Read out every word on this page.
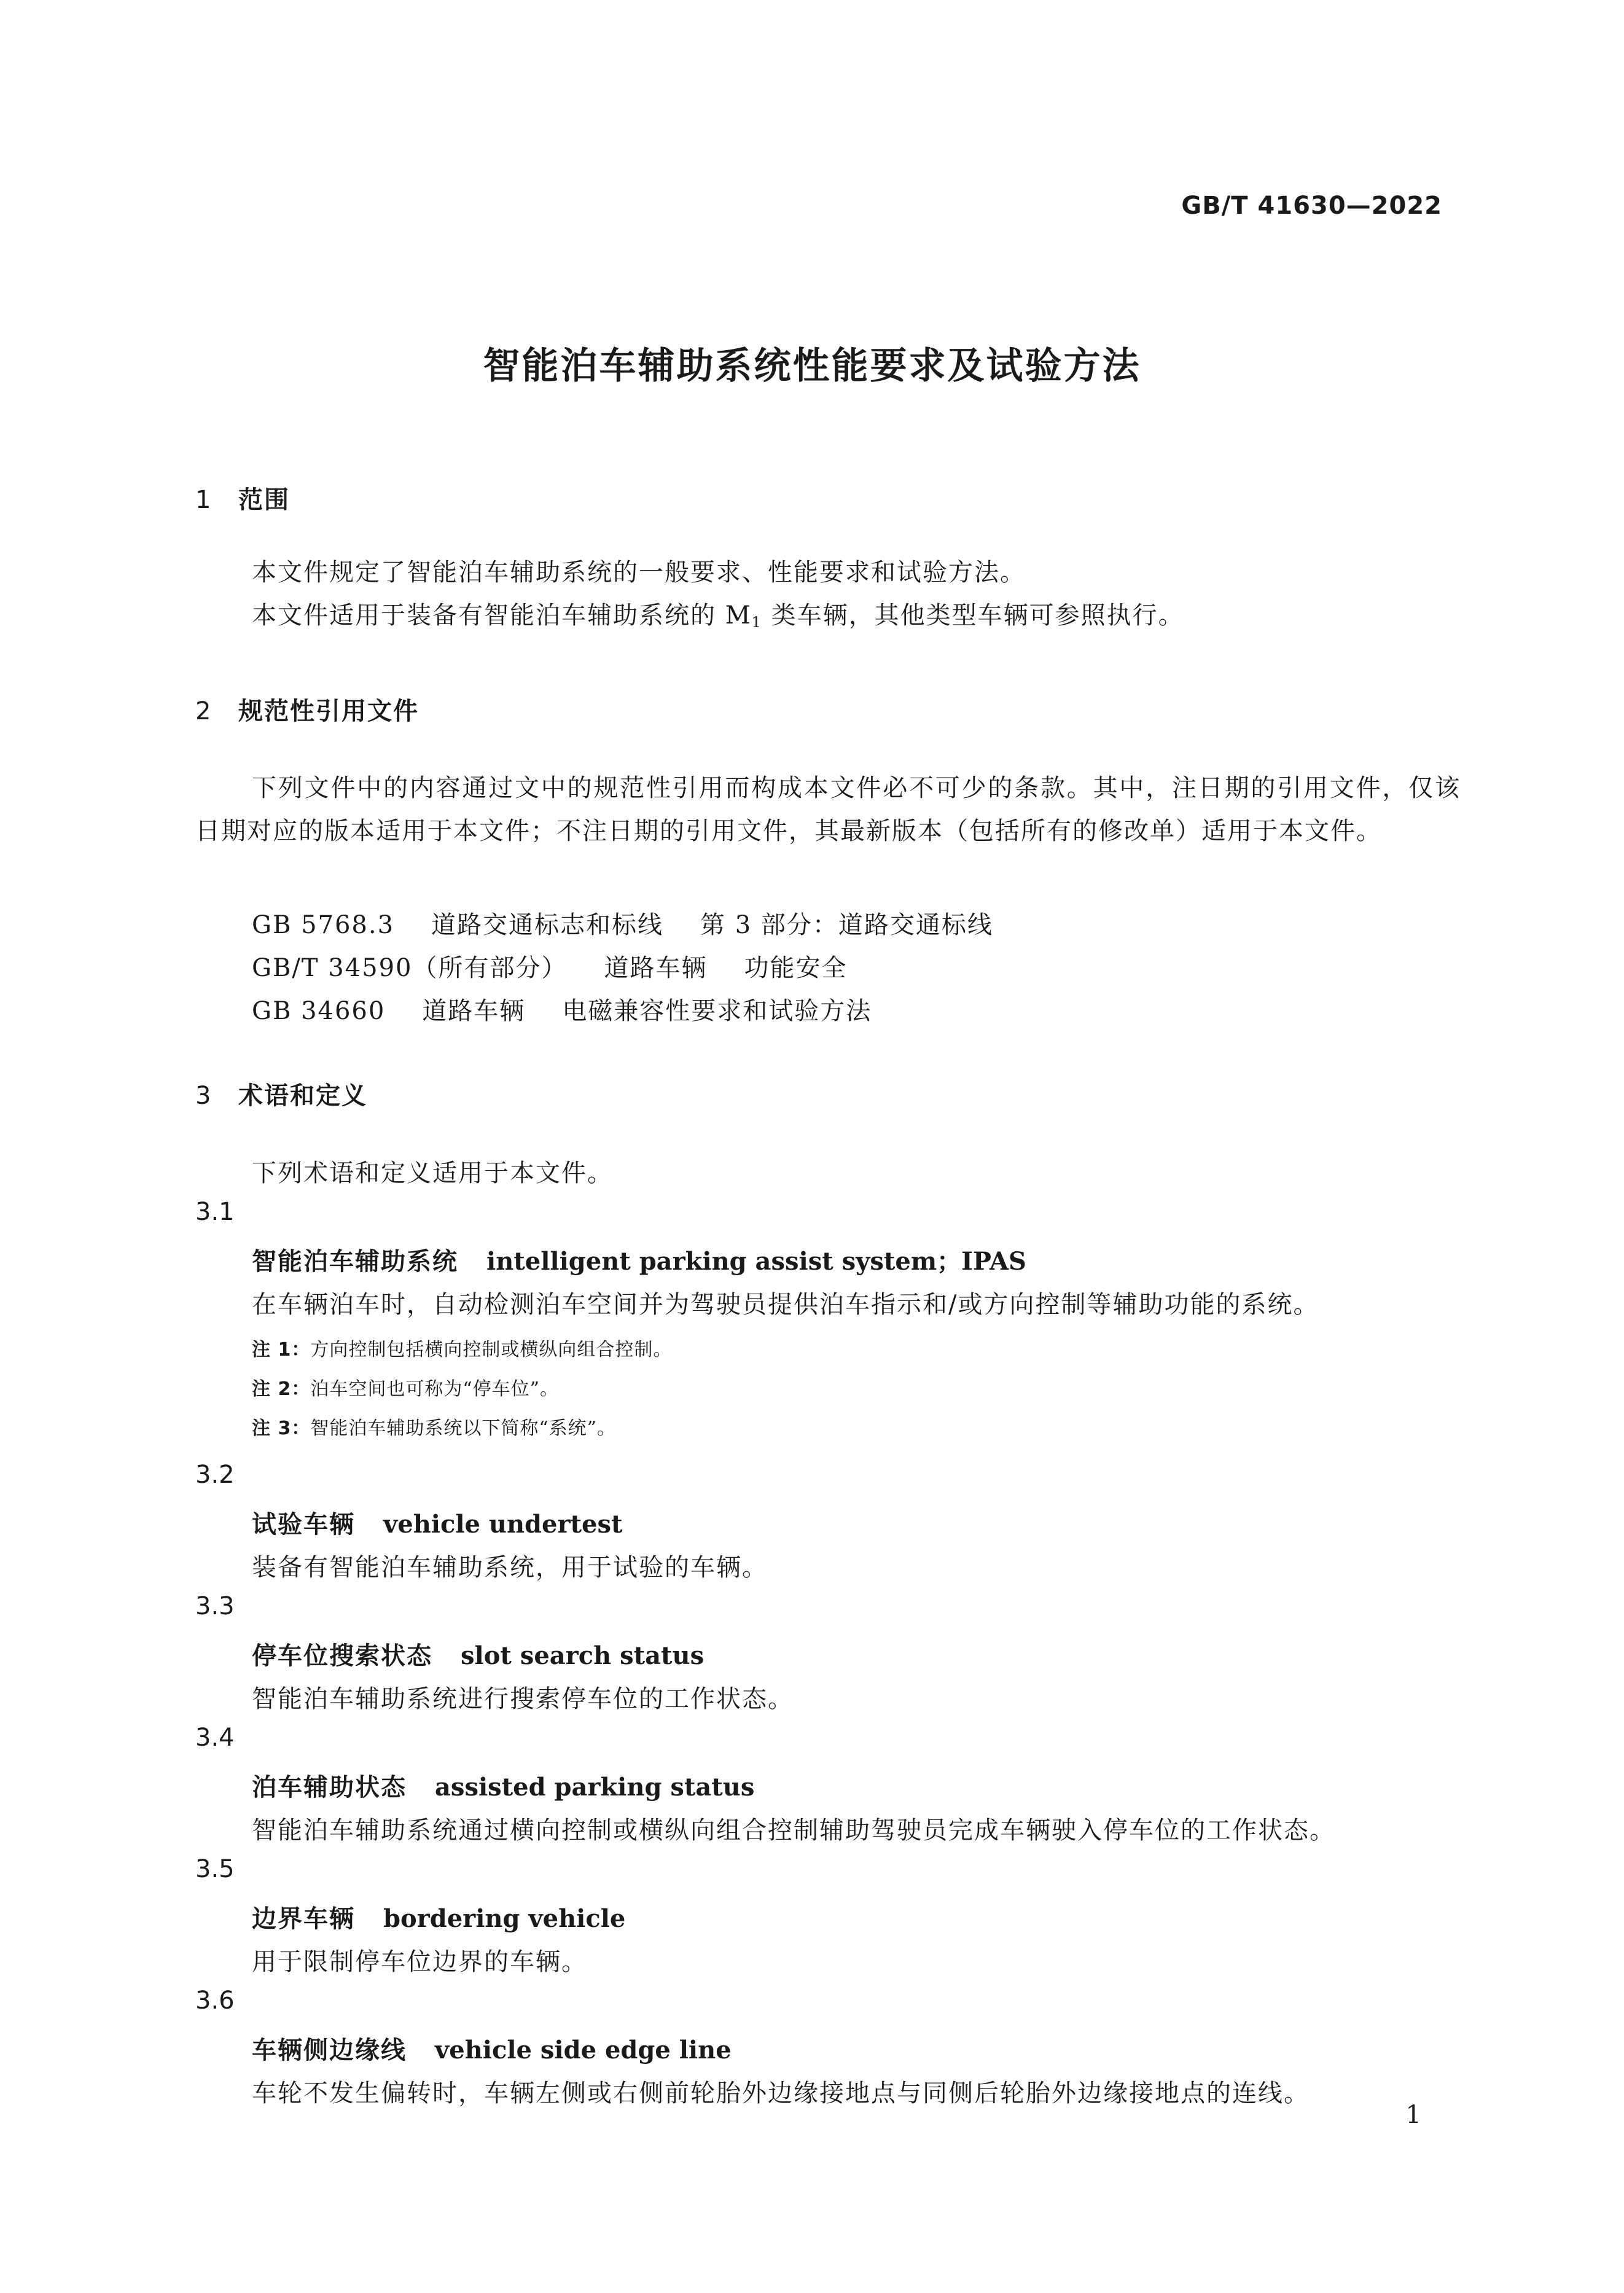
GB/T 41630—2022
智能泊车辅助系统性能要求及试验方法
1 范围
本文件规定了智能泊车辅助系统的一般要求、性能要求和试验方法。
本文件适用于装备有智能泊车辅助系统的 $M_1$ 类车辆，其他类型车辆可参照执行。
2 规范性引用文件
下列文件中的内容通过文中的规范性引用而构成本文件必不可少的条款。其中，注日期的引用文件，仅该日期对应的版本适用于本文件；不注日期的引用文件，其最新版本（包括所有的修改单）适用于本文件。
GB 5768.3 道路交通标志和标线 第 3 部分：道路交通标线
GB/T 34590（所有部分） 道路车辆 功能安全
GB 34660 道路车辆 电磁兼容性要求和试验方法
3 术语和定义
下列术语和定义适用于本文件。
3.1
智能泊车辅助系统 intelligent parking assist system；IPAS
在车辆泊车时，自动检测泊车空间并为驾驶员提供泊车指示和/或方向控制等辅助功能的系统。
注 1：方向控制包括横向控制或横纵向组合控制。
注 2：泊车空间也可称为“停车位”。
注 3：智能泊车辅助系统以下简称“系统”。
3.2
试验车辆 vehicle undertest
装备有智能泊车辅助系统，用于试验的车辆。
3.3
停车位搜索状态 slot search status
智能泊车辅助系统进行搜索停车位的工作状态。
3.4
泊车辅助状态 assisted parking status
智能泊车辅助系统通过横向控制或横纵向组合控制辅助驾驶员完成车辆驶入停车位的工作状态。
3.5
边界车辆 bordering vehicle
用于限制停车位边界的车辆。
3.6
车辆侧边缘线 vehicle side edge line
车轮不发生偏转时，车辆左侧或右侧前轮胎外边缘接地点与同侧后轮胎外边缘接地点的连线。
1
